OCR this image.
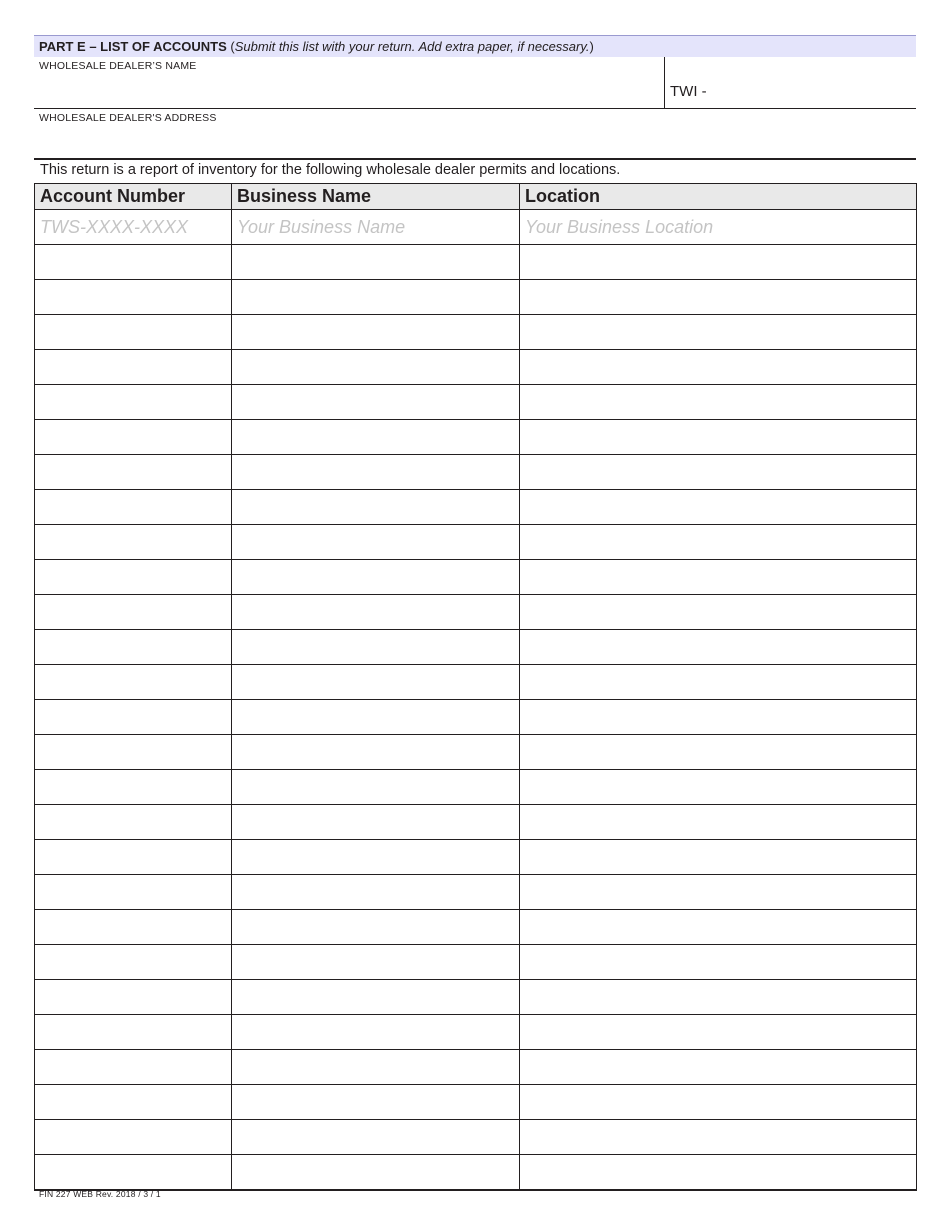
PART E – LIST OF ACCOUNTS (Submit this list with your return. Add extra paper, if necessary.)
WHOLESALE DEALER’S NAME
TWI -
WHOLESALE DEALER'S ADDRESS
This return is a report of inventory for the following wholesale dealer permits and locations.
Account Number	Business Name	Location
TWS-XXXX-XXXX	Your Business Name	Your Business Location

FIN 227 WEB Rev. 2018 / 3 / 1
